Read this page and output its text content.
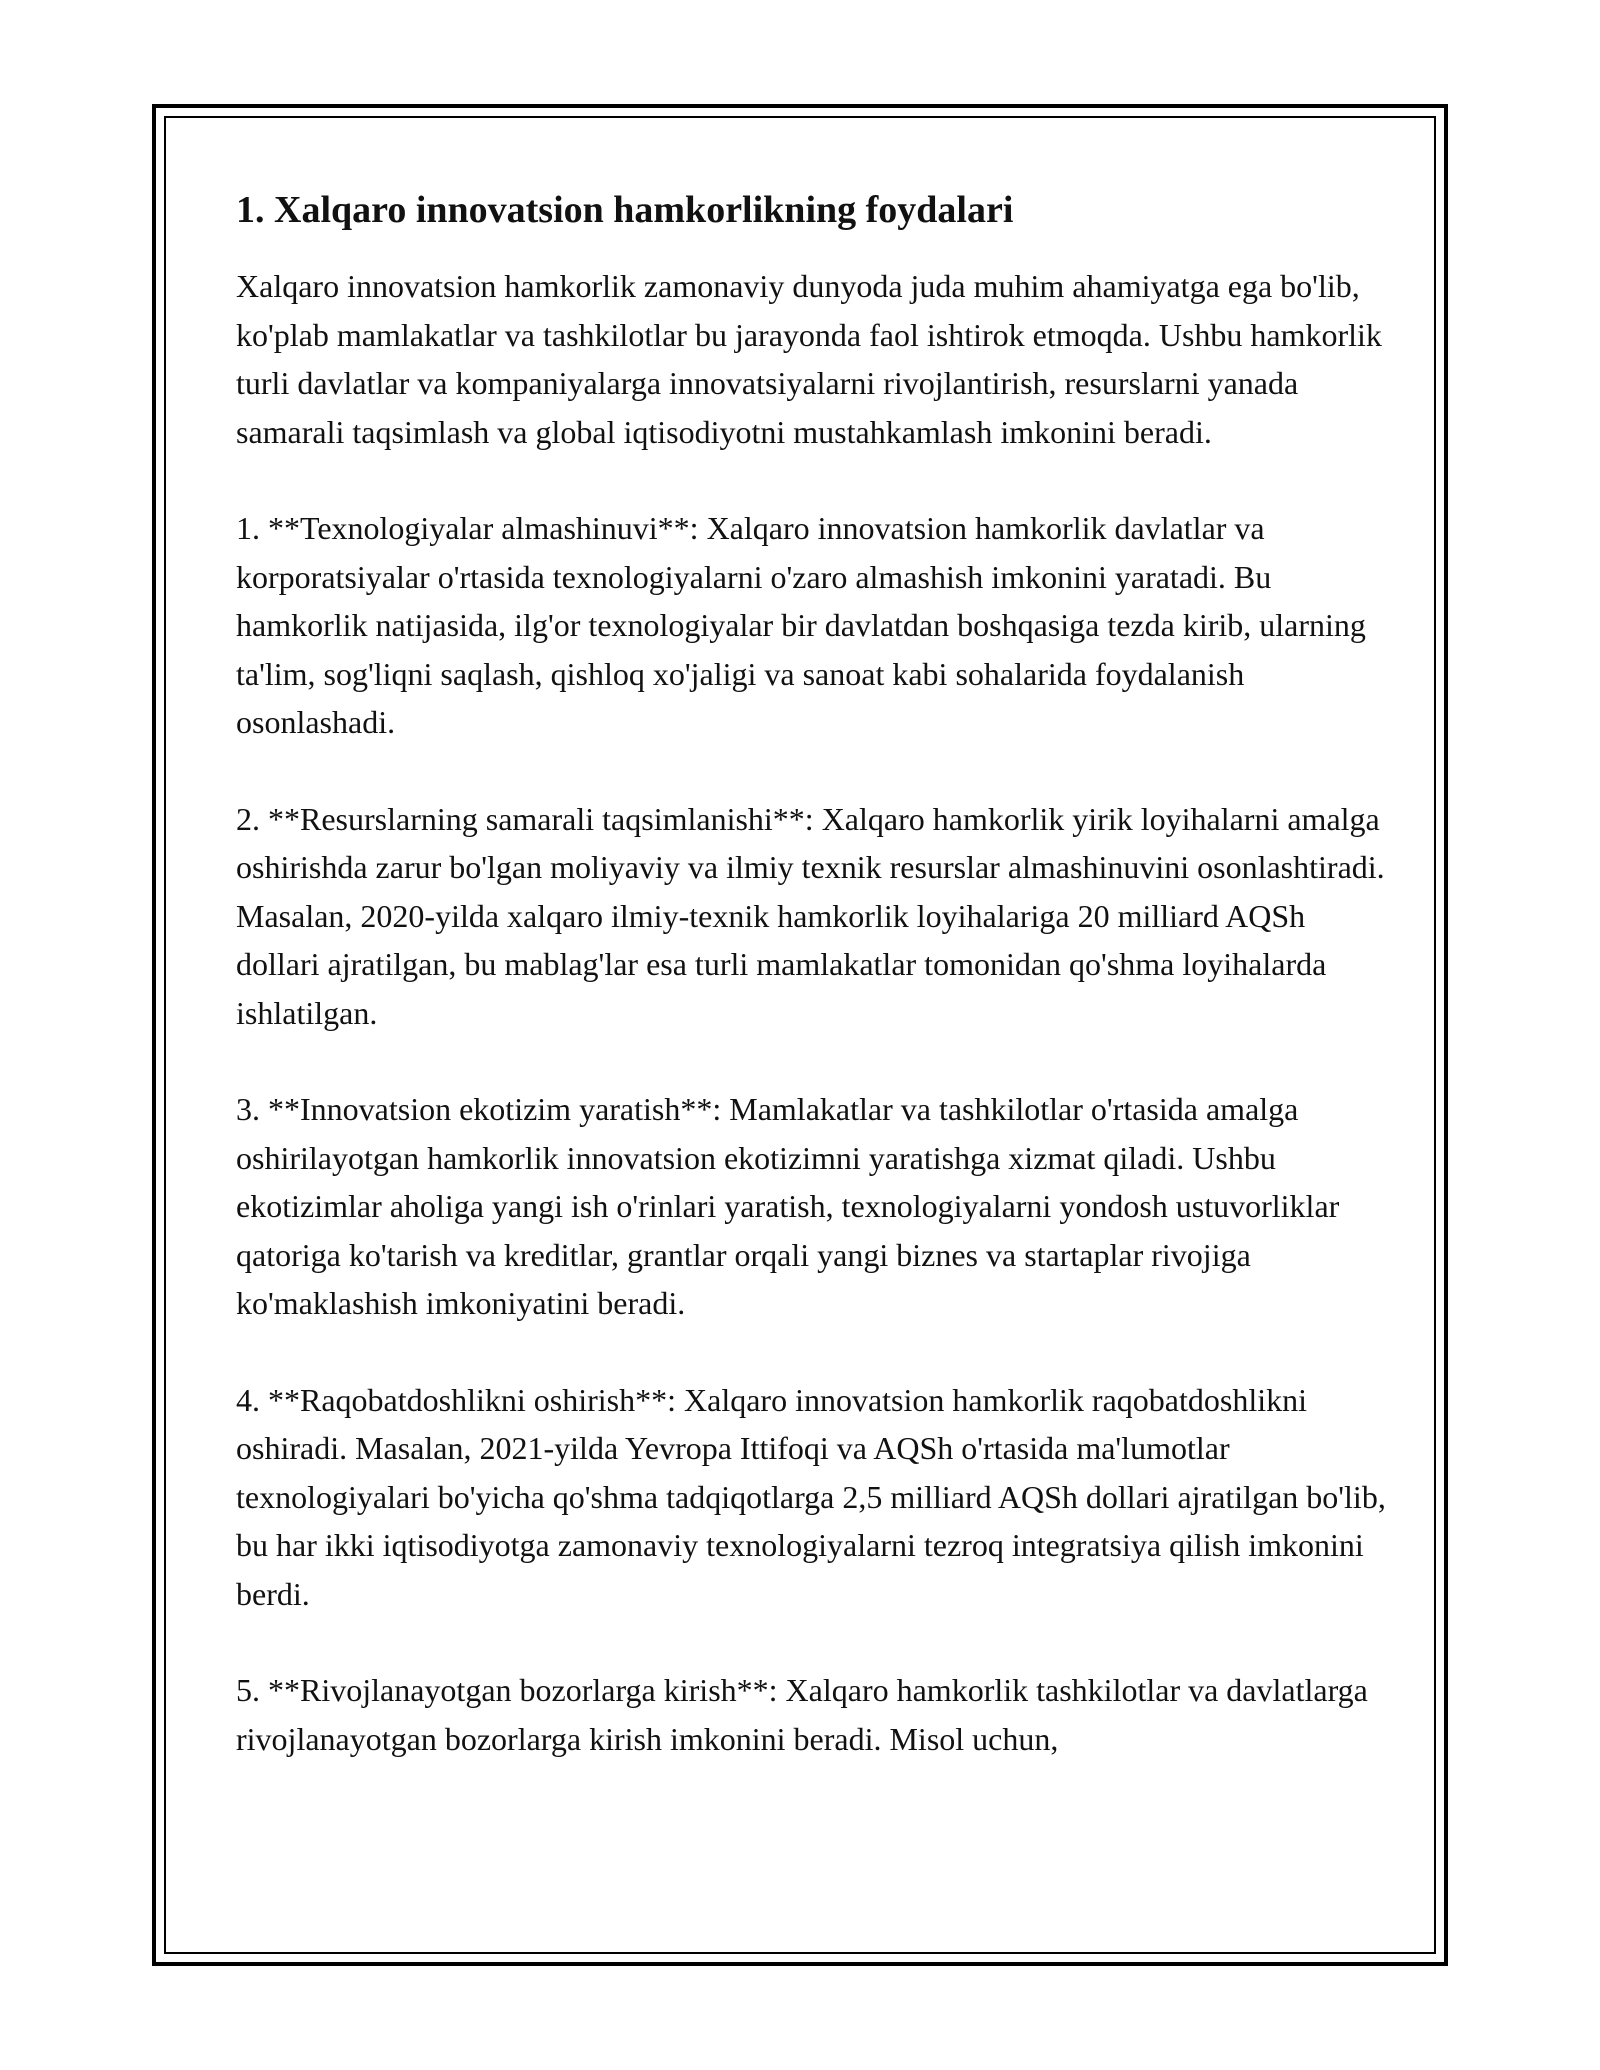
1. Xalqaro innovatsion hamkorlikning foydalari

Xalqaro innovatsion hamkorlik zamonaviy dunyoda juda muhim ahamiyatga ega bo'lib, ko'plab mamlakatlar va tashkilotlar bu jarayonda faol ishtirok etmoqda. Ushbu hamkorlik turli davlatlar va kompaniyalarga innovatsiyalarni rivojlantirish, resurslarni yanada samarali taqsimlash va global iqtisodiyotni mustahkamlash imkonini beradi.

1. **Texnologiyalar almashinuvi**: Xalqaro innovatsion hamkorlik davlatlar va korporatsiyalar o'rtasida texnologiyalarni o'zaro almashish imkonini yaratadi. Bu hamkorlik natijasida, ilg'or texnologiyalar bir davlatdan boshqasiga tezda kirib, ularning ta'lim, sog'liqni saqlash, qishloq xo'jaligi va sanoat kabi sohalarida foydalanish osonlashadi.

2. **Resurslarning samarali taqsimlanishi**: Xalqaro hamkorlik yirik loyihalarni amalga oshirishda zarur bo'lgan moliyaviy va ilmiy texnik resurslar almashinuvini osonlashtiradi. Masalan, 2020-yilda xalqaro ilmiy-texnik hamkorlik loyihalariga 20 milliard AQSh dollari ajratilgan, bu mablag'lar esa turli mamlakatlar tomonidan qo'shma loyihalarda ishlatilgan.

3. **Innovatsion ekotizim yaratish**: Mamlakatlar va tashkilotlar o'rtasida amalga oshirilayotgan hamkorlik innovatsion ekotizimni yaratishga xizmat qiladi. Ushbu ekotizimlar aholiga yangi ish o'rinlari yaratish, texnologiyalarni yondosh ustuvorliklar qatoriga ko'tarish va kreditlar, grantlar orqali yangi biznes va startaplar rivojiga ko'maklashish imkoniyatini beradi.

4. **Raqobatdoshlikni oshirish**: Xalqaro innovatsion hamkorlik raqobatdoshlikni oshiradi. Masalan, 2021-yilda Yevropa Ittifoqi va AQSh o'rtasida ma'lumotlar texnologiyalari bo'yicha qo'shma tadqiqotlarga 2,5 milliard AQSh dollari ajratilgan bo'lib, bu har ikki iqtisodiyotga zamonaviy texnologiyalarni tezroq integratsiya qilish imkonini berdi.

5. **Rivojlanayotgan bozorlarga kirish**: Xalqaro hamkorlik tashkilotlar va davlatlarga rivojlanayotgan bozorlarga kirish imkonini beradi. Misol uchun,
